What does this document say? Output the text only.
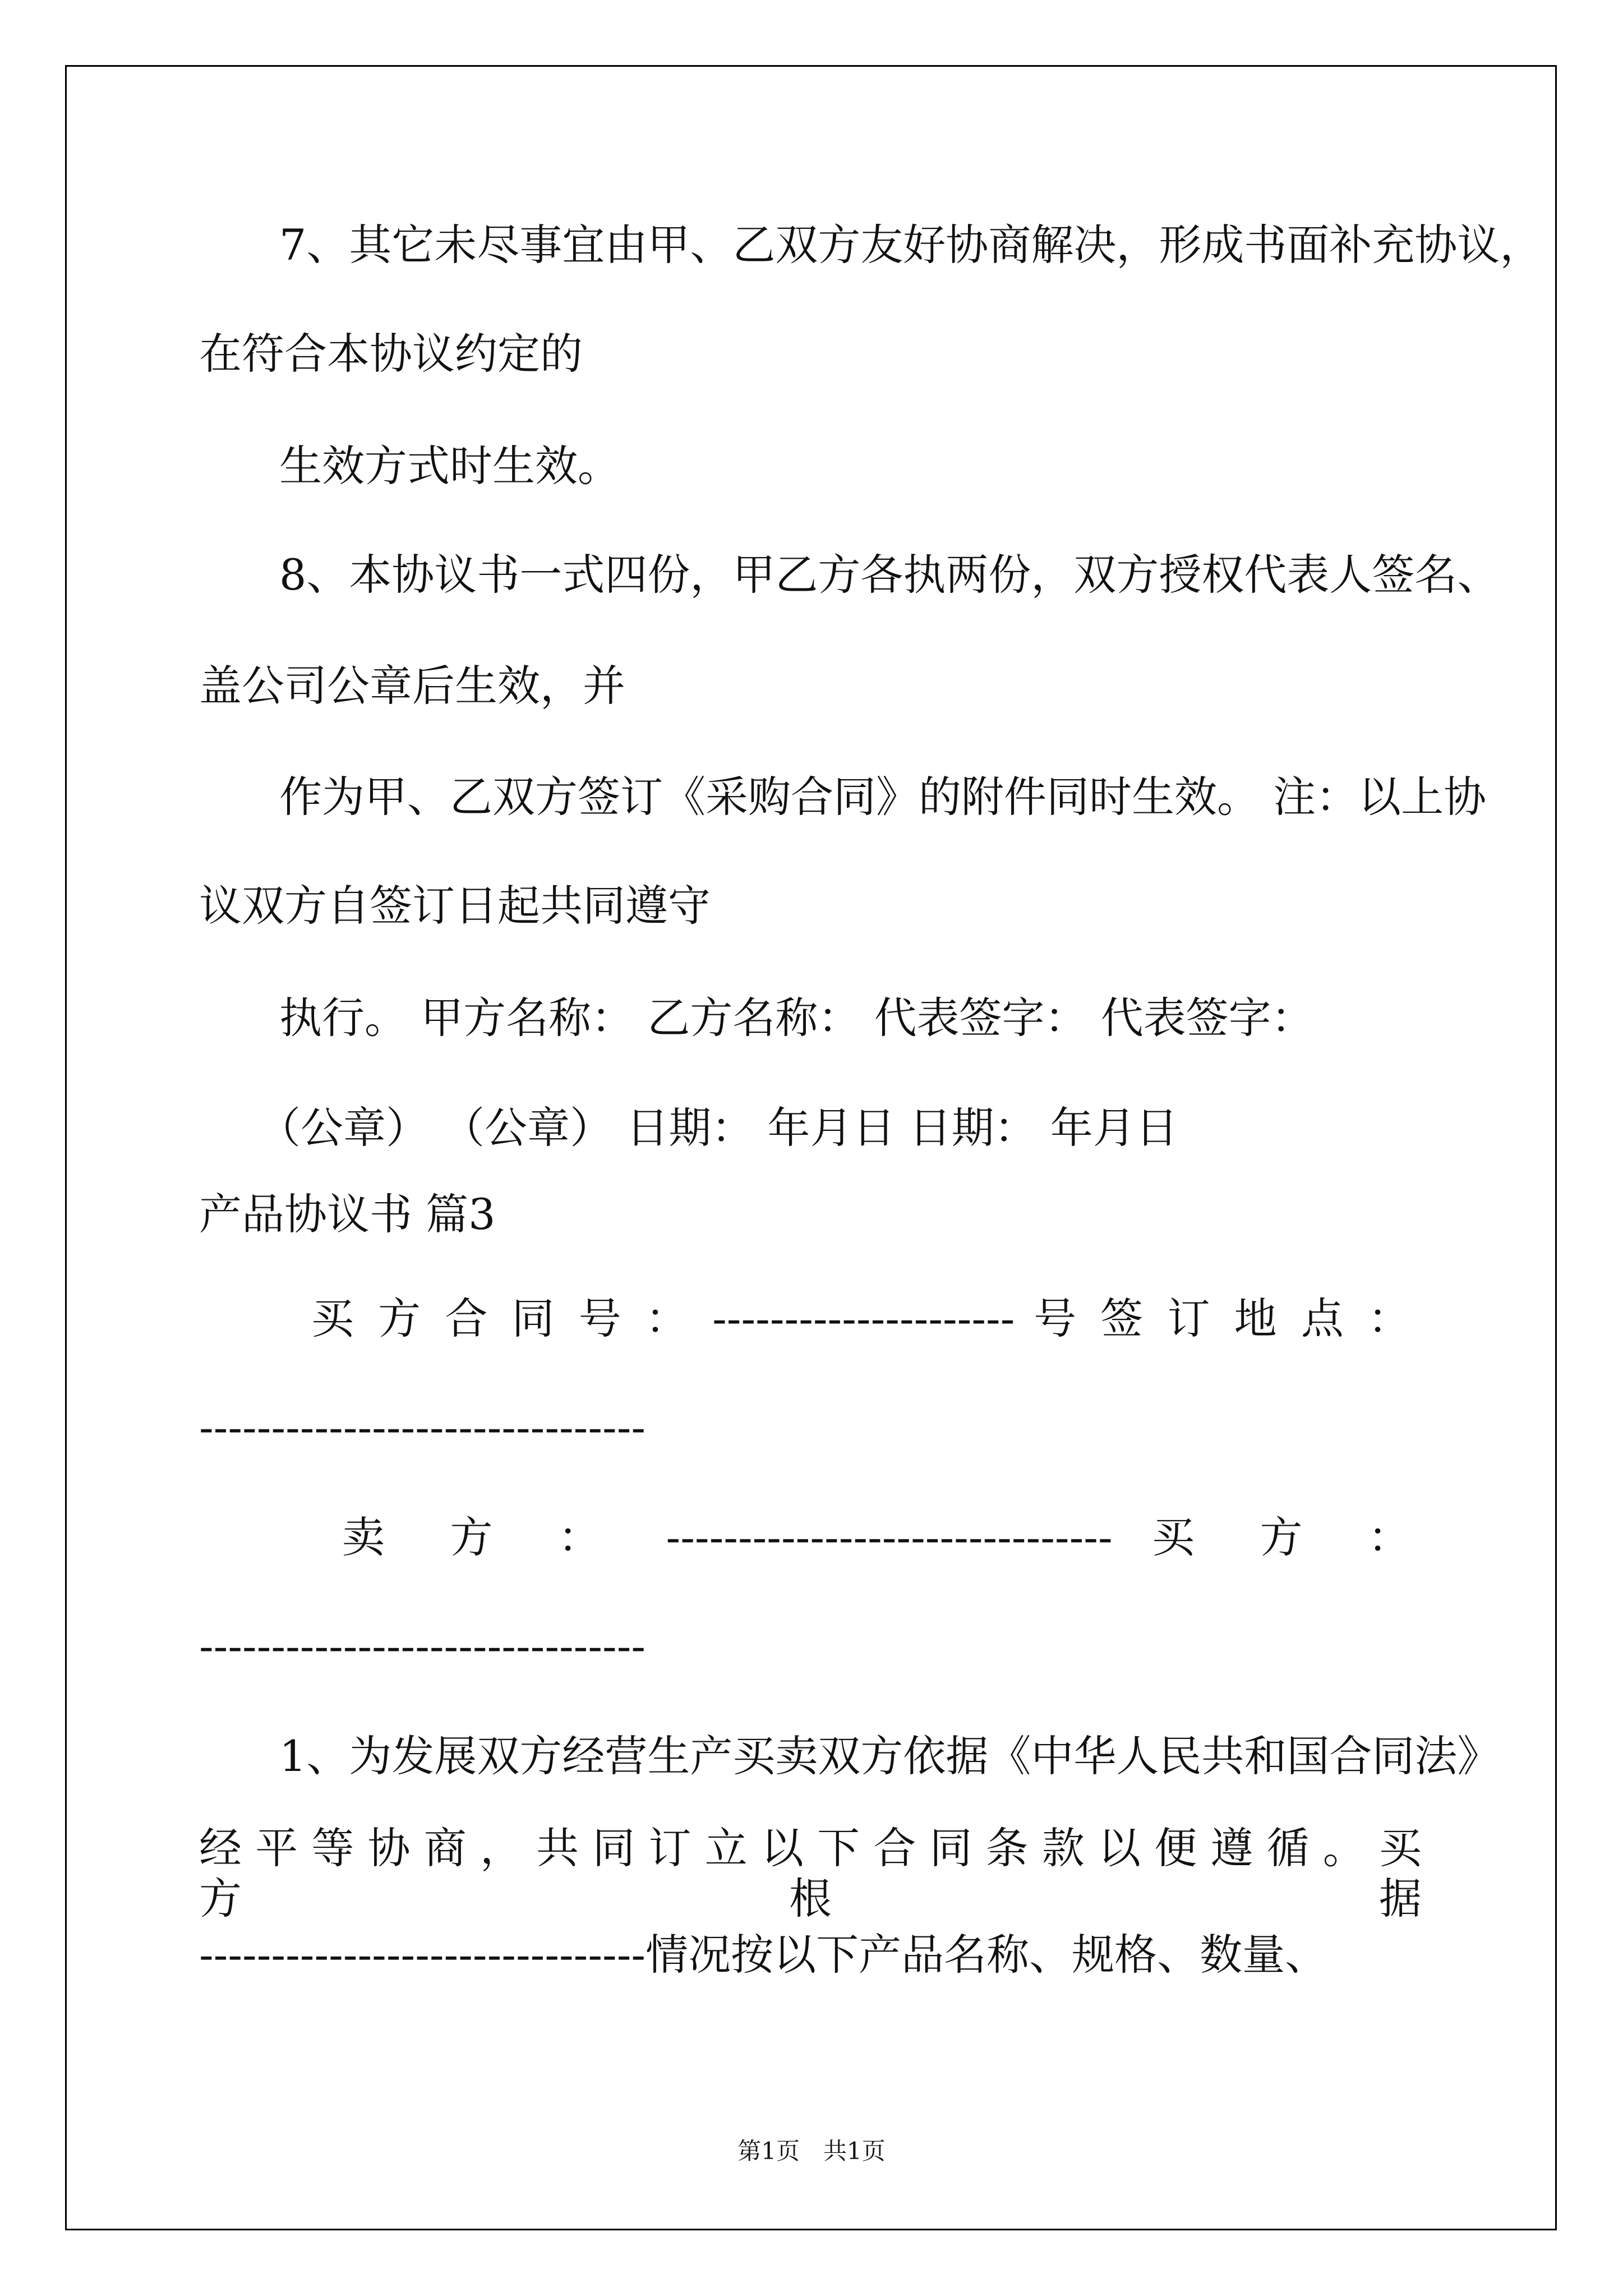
7、其它未尽事宜由甲、乙双方友好协商解决，形成书面补充协议，
在符合本协议约定的
生效方式时生效。
8、本协议书一式四份，甲乙方各执两份，双方授权代表人签名、
盖公司公章后生效，并
作为甲、乙双方签订《采购合同》的附件同时生效。 注：以上协
议双方自签订日起共同遵守
执行。 甲方名称： 乙方名称： 代表签字： 代表签字：
（公章） （公章） 日期： 年月日 日期： 年月日
产品协议书 篇3
买 方 合 同 号 ： --------------------- 号 签 订 地 点 ：
-------------------------------
卖 方 ： ------------------------------- 买 方 ：
-------------------------------
1、为发展双方经营生产买卖双方依据《中华人民共和国合同法》
经 平 等 协 商 ， 共 同 订 立 以 下 合 同 条 款 以 便 遵 循 。 买 方 根 据
-------------------------------情况按以下产品名称、规格、数量、
第1页　共1页
